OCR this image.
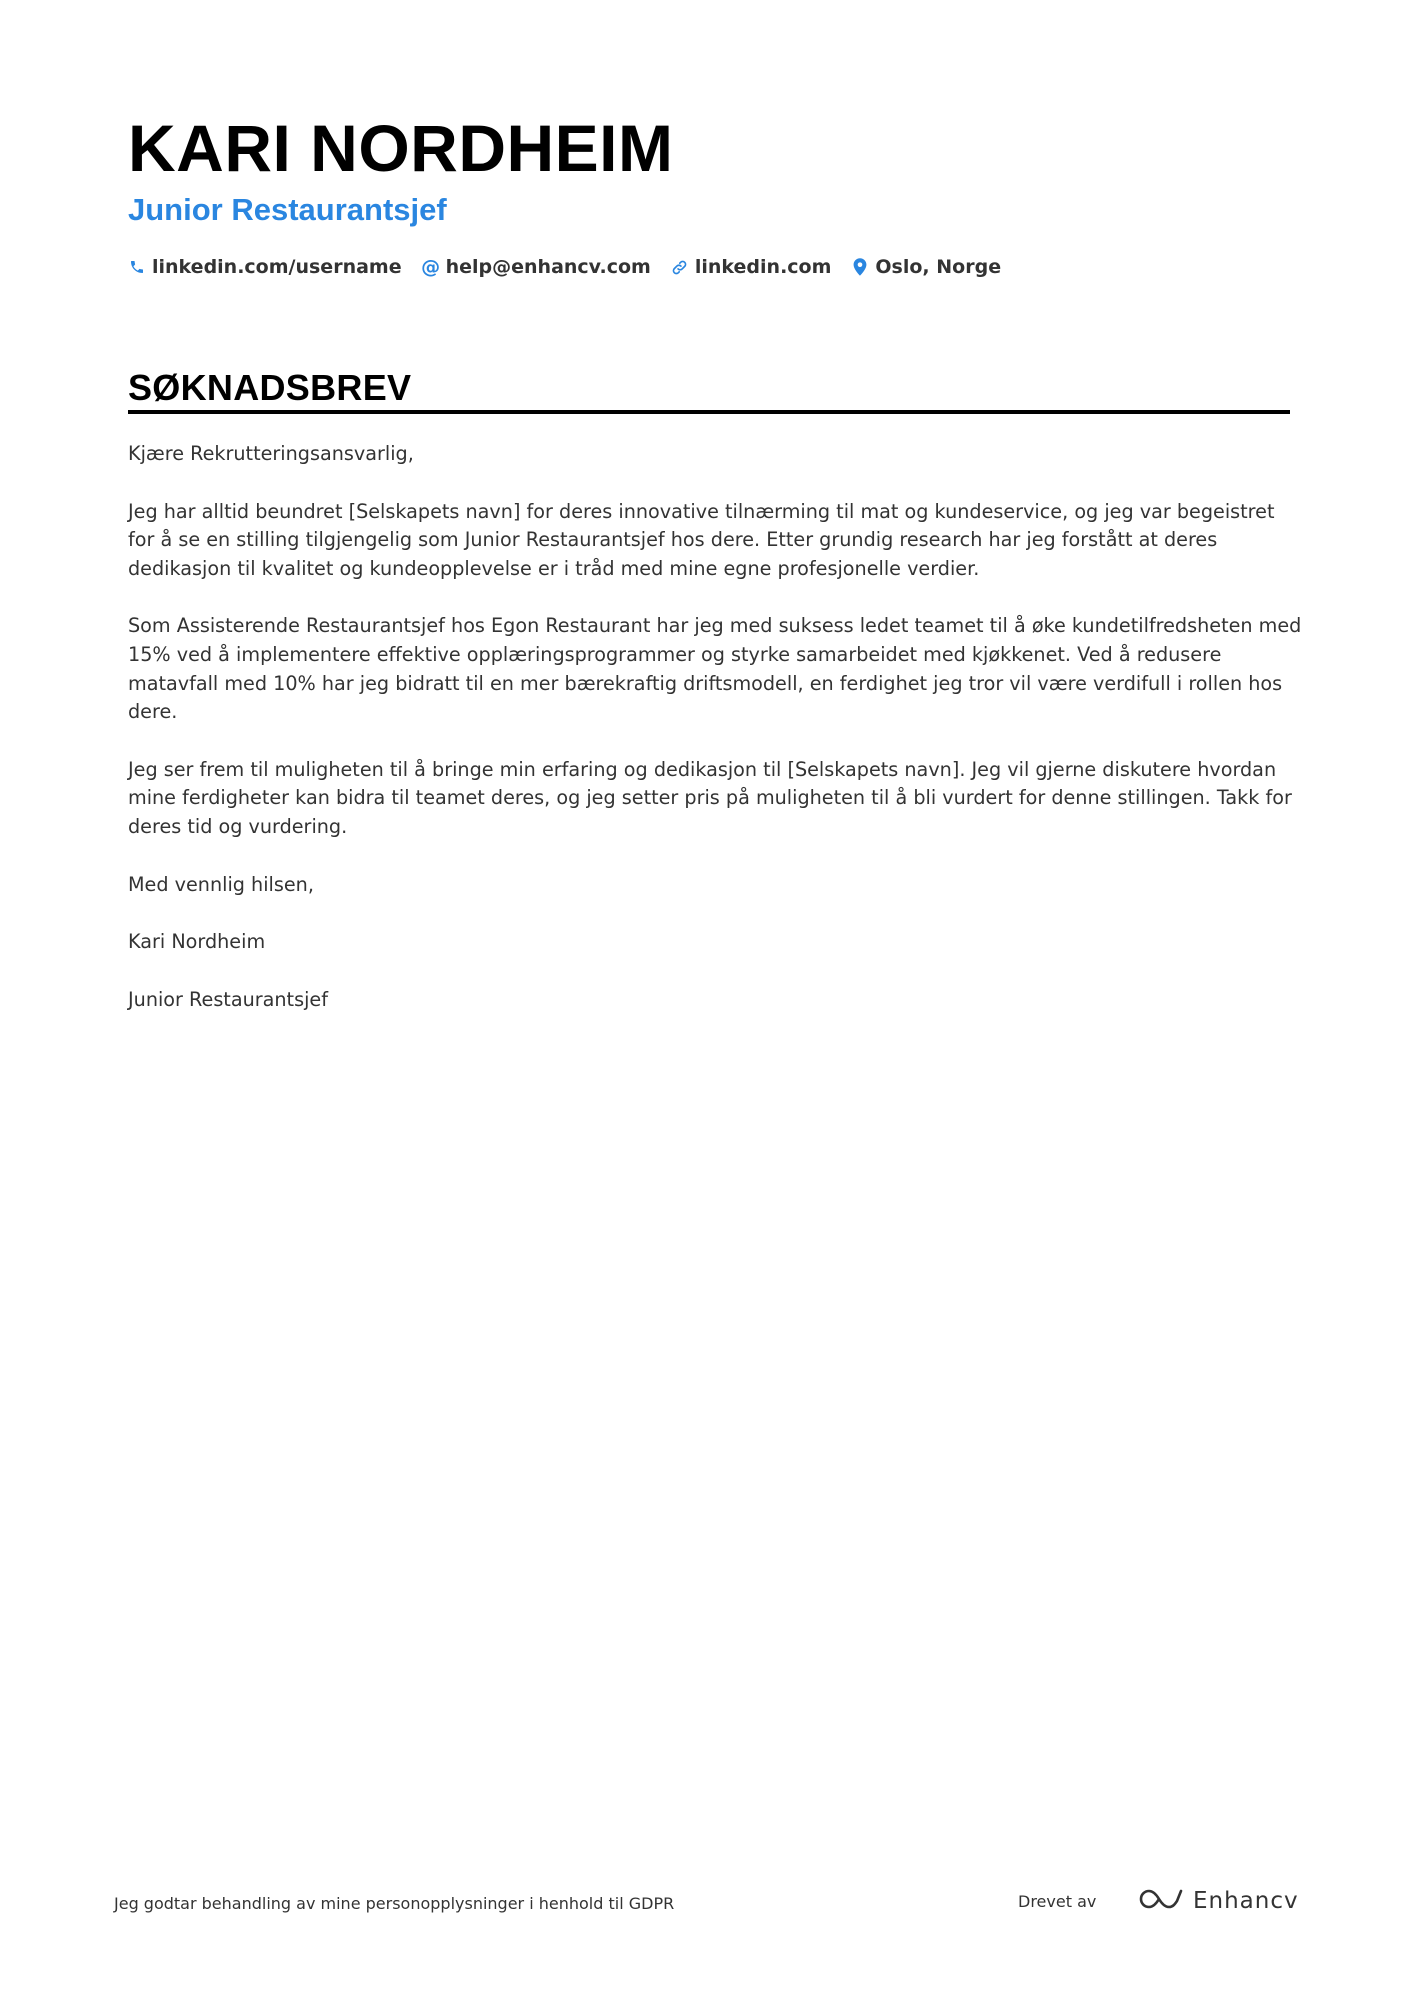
KARI NORDHEIM
Junior Restaurantsjef
linkedin.com/username @ help@enhancv.com linkedin.com Oslo, Norge
SØKNADSBREV

Kjære Rekrutteringsansvarlig,

Jeg har alltid beundret [Selskapets navn] for deres innovative tilnærming til mat og kundeservice, og jeg var begeistret for å se en stilling tilgjengelig som Junior Restaurantsjef hos dere. Etter grundig research har jeg forstått at deres dedikasjon til kvalitet og kundeopplevelse er i tråd med mine egne profesjonelle verdier.

Som Assisterende Restaurantsjef hos Egon Restaurant har jeg med suksess ledet teamet til å øke kundetilfredsheten med 15% ved å implementere effektive opplæringsprogrammer og styrke samarbeidet med kjøkkenet. Ved å redusere matavfall med 10% har jeg bidratt til en mer bærekraftig driftsmodell, en ferdighet jeg tror vil være verdifull i rollen hos dere.

Jeg ser frem til muligheten til å bringe min erfaring og dedikasjon til [Selskapets navn]. Jeg vil gjerne diskutere hvordan mine ferdigheter kan bidra til teamet deres, og jeg setter pris på muligheten til å bli vurdert for denne stillingen. Takk for deres tid og vurdering.

Med vennlig hilsen,

Kari Nordheim

Junior Restaurantsjef

Jeg godtar behandling av mine personopplysninger i henhold til GDPR	Drevet av	Enhancv
